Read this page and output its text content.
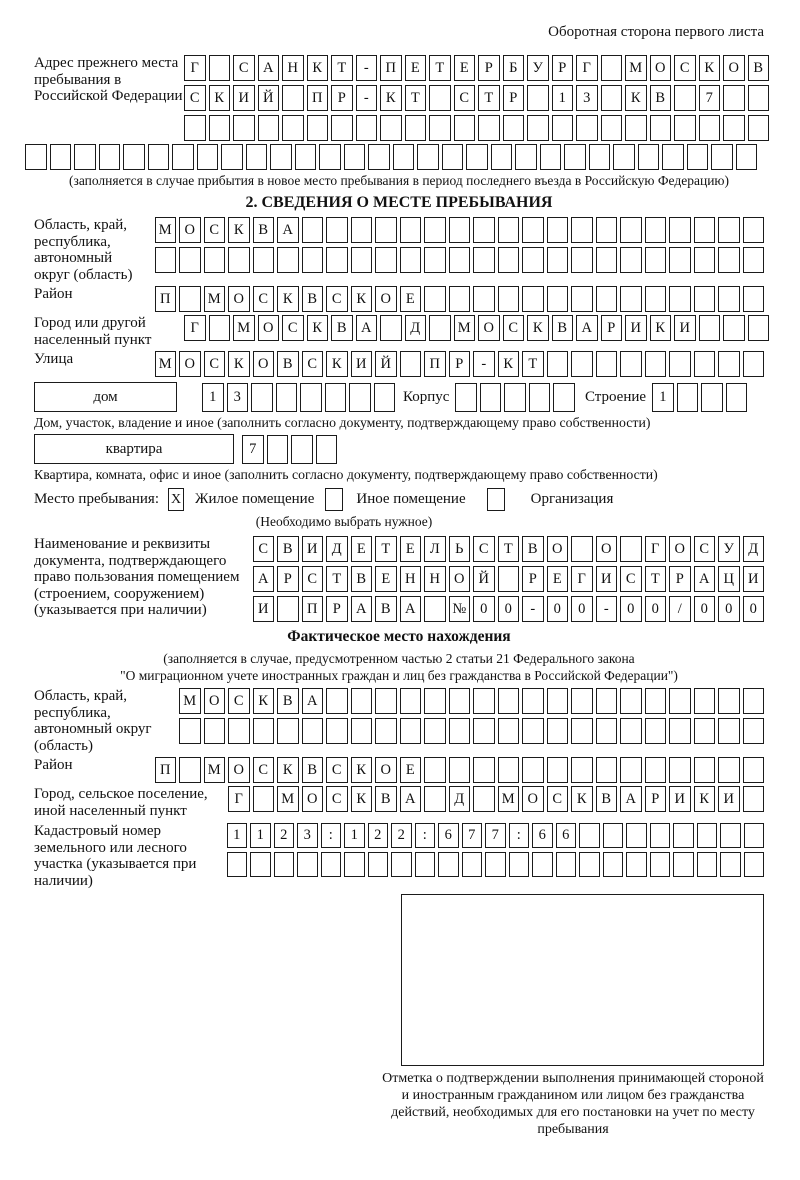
Оборотная сторона первого листа
Адрес прежнего места пребывания в Российской Федерации
Г	С А Н К	Т	-	П	Е	Т	Е	Р	Б	У	Р	Г	М О С	К О В
С	К И Й	П	Р	-	К	Т	С	Т	Р	1	3	К	В	7
(заполняется в случае прибытия в новое место пребывания в период последнего въезда в Российскую Федерацию)
2. СВЕДЕНИЯ О МЕСТЕ ПРЕБЫВАНИЯ
Область, край, республика, автономный округ (область)
М О С	К	В А
Район	П	М О С	К	В	С	К О	Е
Город или другой населенный пункт
Г	М О С	К	В А	Д	М О С	К	В А	Р	И К И
Улица	М О С	К О В	С	К И Й	П	Р	-	К	Т
дом	1	3	Корпус	Строение 1
Дом, участок, владение и иное (заполнить согласно документу, подтверждающему право собственности)
квартира	7
Квартира, комната, офис и иное (заполнить согласно документу, подтверждающему право собственности)
Место пребывания: X Жилое помещение	Иное помещение	Организация
(Необходимо выбрать нужное)
Наименование и реквизиты документа, подтверждающего право пользования помещением (строением, сооружением) (указывается при наличии)
С	В И Д	Е	Т	Е	Л	Ь	С	Т	В О	О	Г	О С	У Д
А	Р	С	Т	В	Е	Н Н О Й	Р	Е	Г	И С	Т	Р	А Ц И
И	П	Р	А В А	№ 0	0	-	0	0	-	0	0	/	0	0	0
Фактическое место нахождения
(заполняется в случае, предусмотренном частью 2 статьи 21 Федерального закона
"О миграционном учете иностранных граждан и лиц без гражданства в Российской Федерации")
Область, край, республика, автономный округ (область)
М О С	К	В А
Район	П	М О С	К	В	С	К О	Е
Город, сельское поселение, иной населенный пункт
Г	М О С	К	В А	Д	М О С	К	В А	Р	И К И
Кадастровый номер земельного или лесного участка (указывается при наличии)
1	1	2	3	:	1	2	2	:	6	7	7	:	6	6
Отметка о подтверждении выполнения принимающей стороной и иностранным гражданином или лицом без гражданства действий, необходимых для его постановки на учет по месту пребывания
